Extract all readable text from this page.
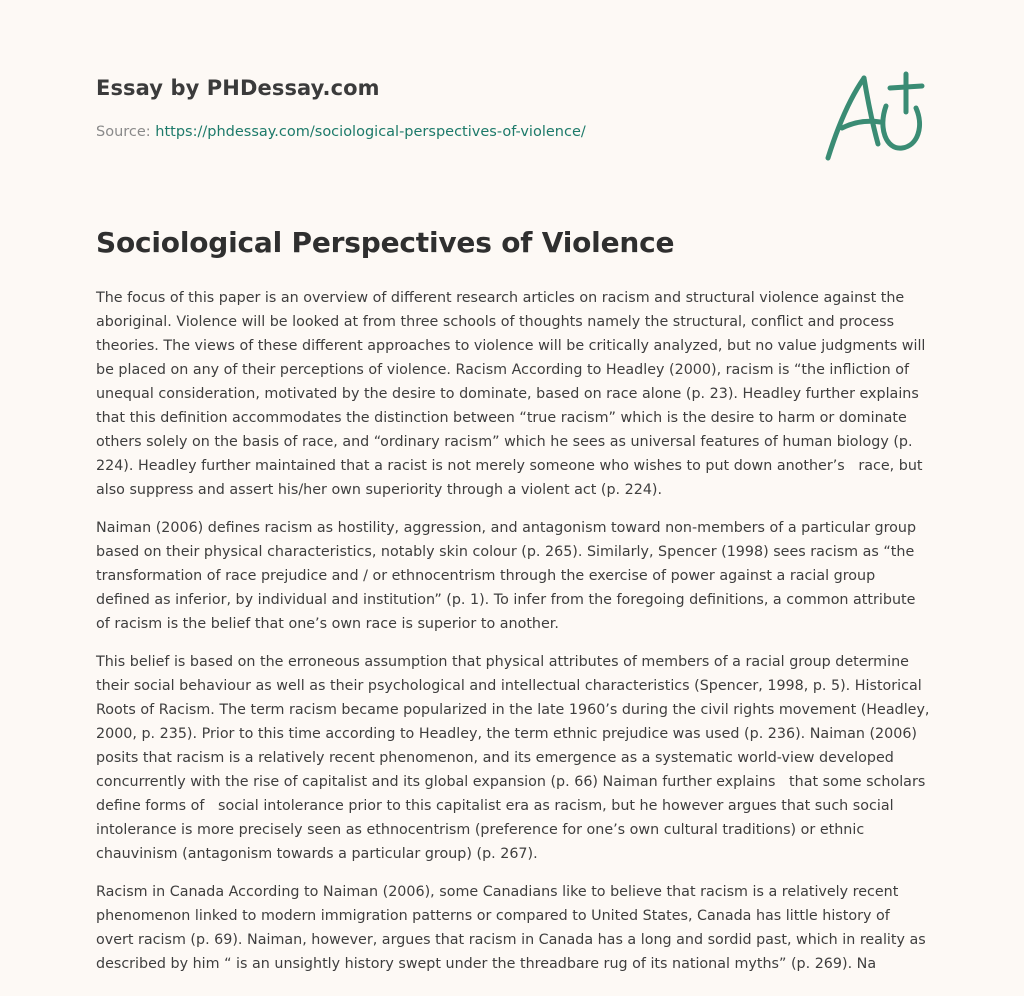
Essay by PHDessay.com
Source: https://phdessay.com/sociological-perspectives-of-violence/
Sociological Perspectives of Violence

The focus of this paper is an overview of different research articles on racism and structural violence against the aboriginal. Violence will be looked at from three schools of thoughts namely the structural, conflict and process theories. The views of these different approaches to violence will be critically analyzed, but no value judgments will be placed on any of their perceptions of violence. Racism According to Headley (2000), racism is “the infliction of unequal consideration, motivated by the desire to dominate, based on race alone (p. 23). Headley further explains that this definition accommodates the distinction between “true racism” which is the desire to harm or dominate others solely on the basis of race, and “ordinary racism” which he sees as universal features of human biology (p. 224). Headley further maintained that a racist is not merely someone who wishes to put down another’s   race, but also suppress and assert his/her own superiority through a violent act (p. 224).

Naiman (2006) defines racism as hostility, aggression, and antagonism toward non-members of a particular group based on their physical characteristics, notably skin colour (p. 265). Similarly, Spencer (1998) sees racism as “the transformation of race prejudice and / or ethnocentrism through the exercise of power against a racial group defined as inferior, by individual and institution” (p. 1). To infer from the foregoing definitions, a common attribute of racism is the belief that one’s own race is superior to another.

This belief is based on the erroneous assumption that physical attributes of members of a racial group determine their social behaviour as well as their psychological and intellectual characteristics (Spencer, 1998, p. 5). Historical Roots of Racism. The term racism became popularized in the late 1960’s during the civil rights movement (Headley, 2000, p. 235). Prior to this time according to Headley, the term ethnic prejudice was used (p. 236). Naiman (2006) posits that racism is a relatively recent phenomenon, and its emergence as a systematic world-view developed concurrently with the rise of capitalist and its global expansion (p. 66) Naiman further explains   that some scholars define forms of   social intolerance prior to this capitalist era as racism, but he however argues that such social intolerance is more precisely seen as ethnocentrism (preference for one’s own cultural traditions) or ethnic chauvinism (antagonism towards a particular group) (p. 267).

Racism in Canada According to Naiman (2006), some Canadians like to believe that racism is a relatively recent phenomenon linked to modern immigration patterns or compared to United States, Canada has little history of overt racism (p. 69). Naiman, however, argues that racism in Canada has a long and sordid past, which in reality as described by him “ is an unsightly history swept under the threadbare rug of its national myths” (p. 269). Na
